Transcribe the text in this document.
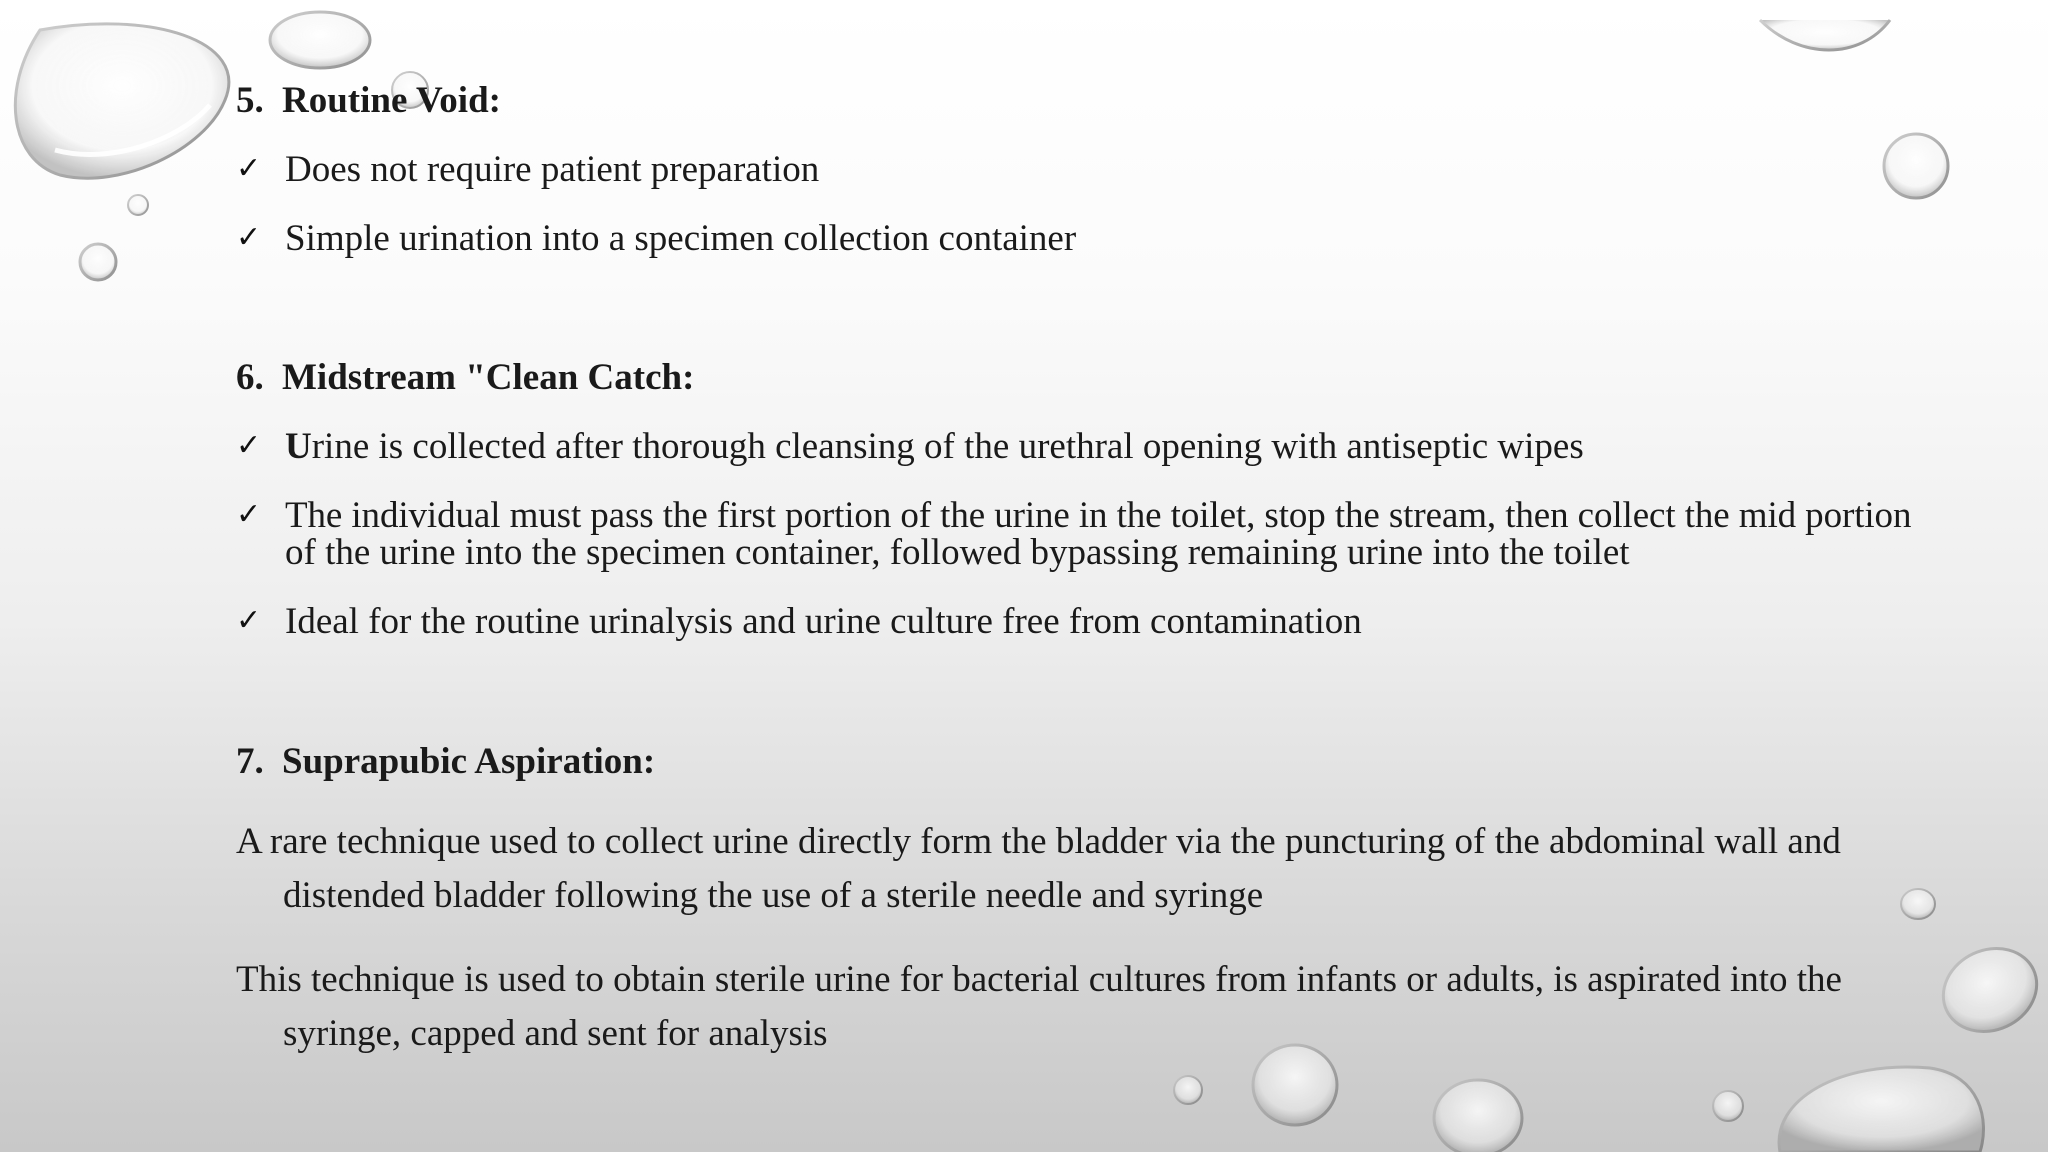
5. Routine Void:
✓ Does not require patient preparation
✓ Simple urination into a specimen collection container
6. Midstream "Clean Catch:
✓ Urine is collected after thorough cleansing of the urethral opening with antiseptic wipes
✓ The individual must pass the first portion of the urine in the toilet, stop the stream, then collect the mid portion
of the urine into the specimen container, followed bypassing remaining urine into the toilet
✓ Ideal for the routine urinalysis and urine culture free from contamination
7. Suprapubic Aspiration:
A rare technique used to collect urine directly form the bladder via the puncturing of the abdominal wall and
distended bladder following the use of a sterile needle and syringe
This technique is used to obtain sterile urine for bacterial cultures from infants or adults, is aspirated into the
syringe, capped and sent for analysis
